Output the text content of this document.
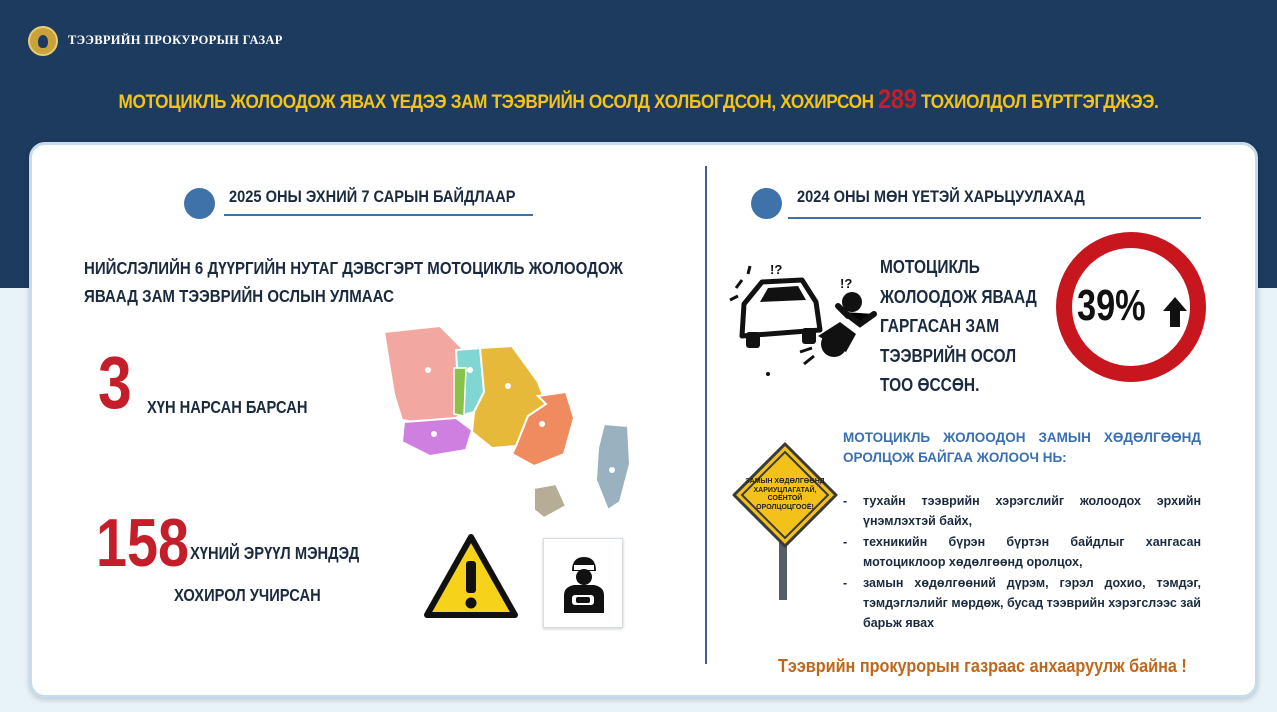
ТЭЭВРИЙН ПРОКУРОРЫН ГАЗАР
МОТОЦИКЛЬ ЖОЛООДОЖ ЯВАХ ҮЕДЭЭ ЗАМ ТЭЭВРИЙН ОСОЛД ХОЛБОГДСОН, ХОХИРСОН 289 ТОХИОЛДОЛ БҮРТГЭГДЖЭЭ.
2025 ОНЫ ЭХНИЙ 7 САРЫН БАЙДЛААР
НИЙСЛЭЛИЙН 6 ДҮҮРГИЙН НУТАГ ДЭВСГЭРТ МОТОЦИКЛЬ ЖОЛООДОЖ ЯВААД ЗАМ ТЭЭВРИЙН ОСЛЫН УЛМААС
3 ХҮН НАРСАН БАРСАН
158 ХҮНИЙ ЭРҮҮЛ МЭНДЭД
ХОХИРОЛ УЧИРСАН
2024 ОНЫ МӨН ҮЕТЭЙ ХАРЬЦУУЛАХАД
!?
!?
МОТОЦИКЛЬ ЖОЛООДОЖ ЯВААД ГАРГАСАН ЗАМ ТЭЭВРИЙН ОСОЛ ТОО ӨССӨН.
39%
МОТОЦИКЛЬ ЖОЛООДОН ЗАМЫН ХӨДӨЛГӨӨНД ОРОЛЦОЖ БАЙГАА ЖОЛООЧ НЬ:
- тухайн тээврийн хэрэгслийг жолоодох эрхийн үнэмлэхтэй байх,
- техникийн бүрэн бүртэн байдлыг хангасан мотоциклоор хөдөлгөөнд оролцох,
- замын хөдөлгөөний дүрэм, гэрэл дохио, тэмдэг, тэмдэглэлийг мөрдөж, бусад тээврийн хэрэгслээс зай барьж явах
ЗАМЫН ХӨДӨЛГӨӨНД ХАРИУЦЛАГАТАЙ, СОЁНТОЙ ОРОЛЦОЦГООЁ!
Тээврийн прокурорын газраас анхааруулж байна !
